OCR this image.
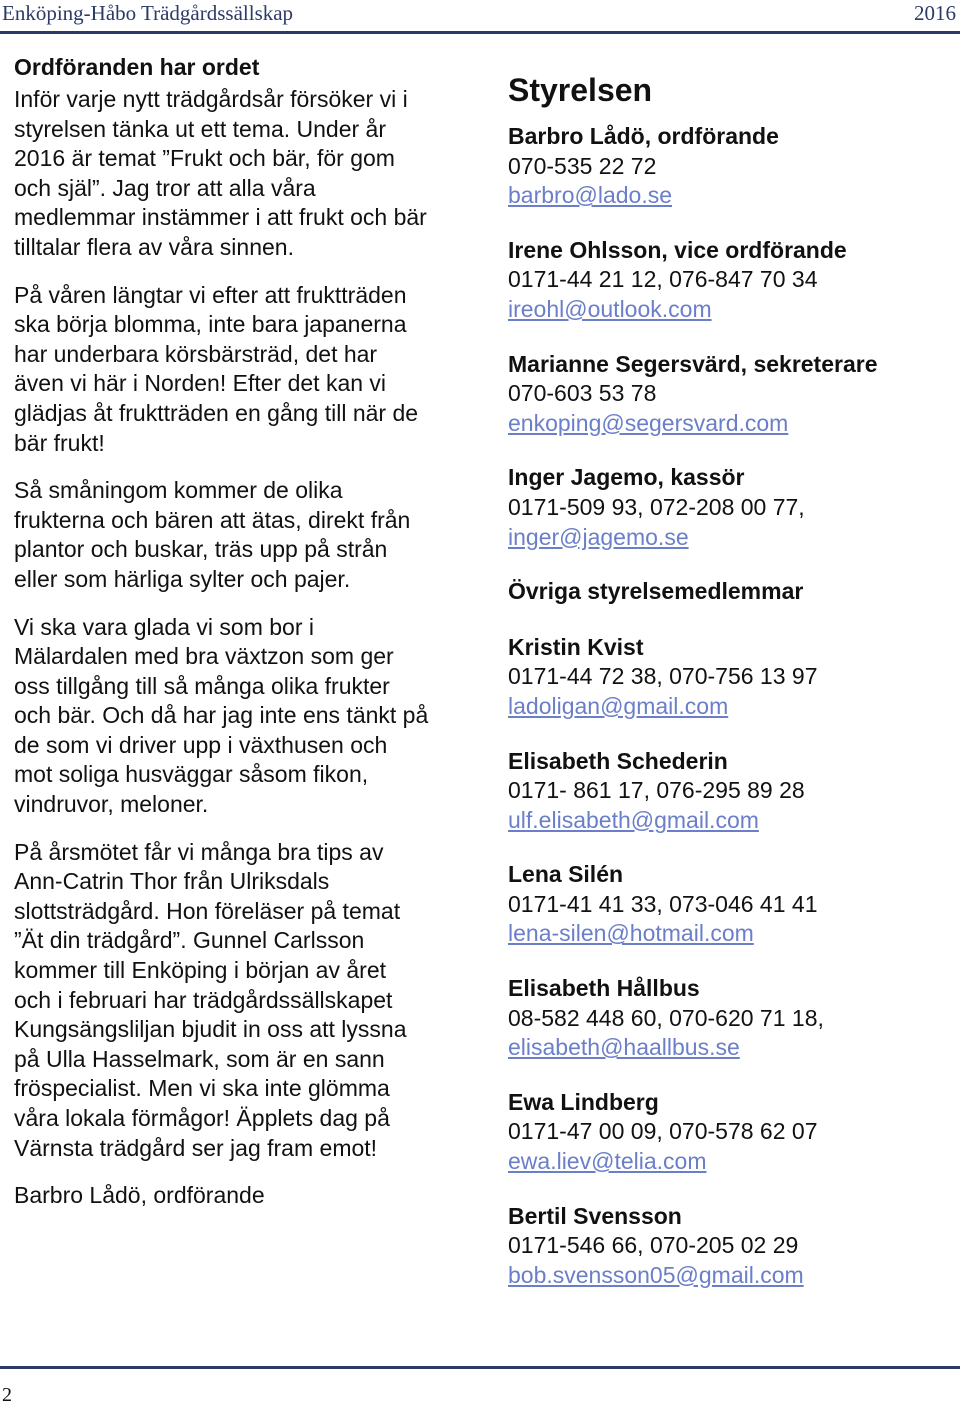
Enköping-Håbo Trädgårdssällskap	2016
Ordföranden har ordet

Inför varje nytt trädgårdsår försöker vi i styrelsen tänka ut ett tema. Under år 2016 är temat ”Frukt och bär, för gom och själ”. Jag tror att alla våra medlemmar instämmer i att frukt och bär tilltalar flera av våra sinnen.

På våren längtar vi efter att fruktträden ska börja blomma, inte bara japanerna har underbara körsbärsträd, det har även vi här i Norden! Efter det kan vi glädjas åt fruktträden en gång till när de bär frukt!

Så småningom kommer de olika frukterna och bären att ätas, direkt från plantor och buskar, träs upp på strån eller som härliga sylter och pajer.

Vi ska vara glada vi som bor i Mälardalen med bra växtzon som ger oss tillgång till så många olika frukter och bär. Och då har jag inte ens tänkt på de som vi driver upp i växthusen och mot soliga husväggar såsom fikon, vindruvor, meloner.

På årsmötet får vi många bra tips av Ann-Catrin Thor från Ulriksdals slottsträdgård. Hon föreläser på temat ”Ät din trädgård”. Gunnel Carlsson kommer till Enköping i början av året och i februari har trädgårdssällskapet Kungsängsliljan bjudit in oss att lyssna på Ulla Hasselmark, som är en sann fröspecialist. Men vi ska inte glömma våra lokala förmågor! Äpplets dag på Värnsta trädgård ser jag fram emot!

Barbro Lådö, ordförande

Styrelsen
Barbro Lådö, ordförande
070-535 22 72
barbro@lado.se
Irene Ohlsson, vice ordförande
0171-44 21 12, 076-847 70 34
ireohl@outlook.com
Marianne Segersvärd, sekreterare
070-603 53 78
enkoping@segersvard.com
Inger Jagemo, kassör
0171-509 93, 072-208 00 77,
inger@jagemo.se
Övriga styrelsemedlemmar
Kristin Kvist
0171-44 72 38, 070-756 13 97
ladoligan@gmail.com
Elisabeth Schederin
0171- 861 17, 076-295 89 28
ulf.elisabeth@gmail.com
Lena Silén
0171-41 41 33, 073-046 41 41
lena-silen@hotmail.com
Elisabeth Hållbus
08-582 448 60, 070-620 71 18,
elisabeth@haallbus.se
Ewa Lindberg
0171-47 00 09, 070-578 62 07
ewa.liev@telia.com
Bertil Svensson
0171-546 66, 070-205 02 29
bob.svensson05@gmail.com
2
